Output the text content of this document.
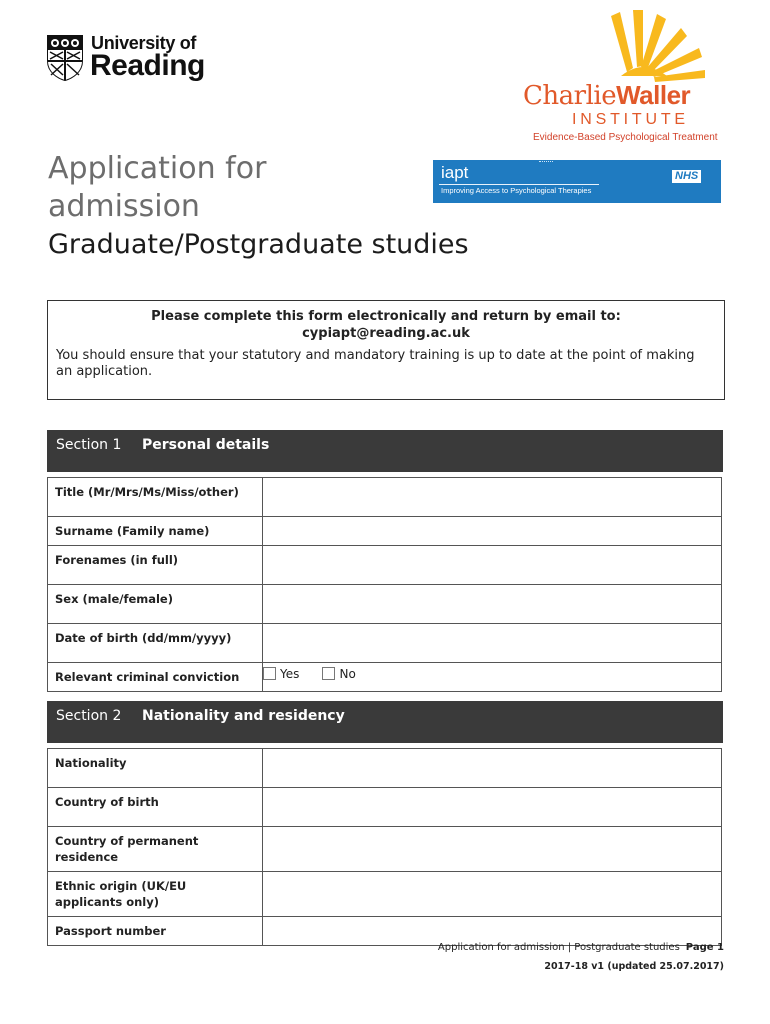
University of
Reading
CharlieWaller
INSTITUTE
Evidence-Based Psychological Treatment
iapt
Improving Access to Psychological Therapies
NHS
Application for
admission
Graduate/Postgraduate studies
Please complete this form electronically and return by email to:
cypiapt@reading.ac.uk
You should ensure that your statutory and mandatory training is up to date at the point of making an application.
Section 1 Personal details
Title (Mr/Mrs/Ms/Miss/other)	
Surname (Family name)	
Forenames (in full)	
Sex (male/female)	
Date of birth (dd/mm/yyyy)	
Relevant criminal conviction	Yes No
Section 2 Nationality and residency
Nationality	
Country of birth	
Country of permanent residence	
Ethnic origin (UK/EU applicants only)	
Passport number	
Application for admission | Postgraduate studies Page 1
2017-18 v1 (updated 25.07.2017)
